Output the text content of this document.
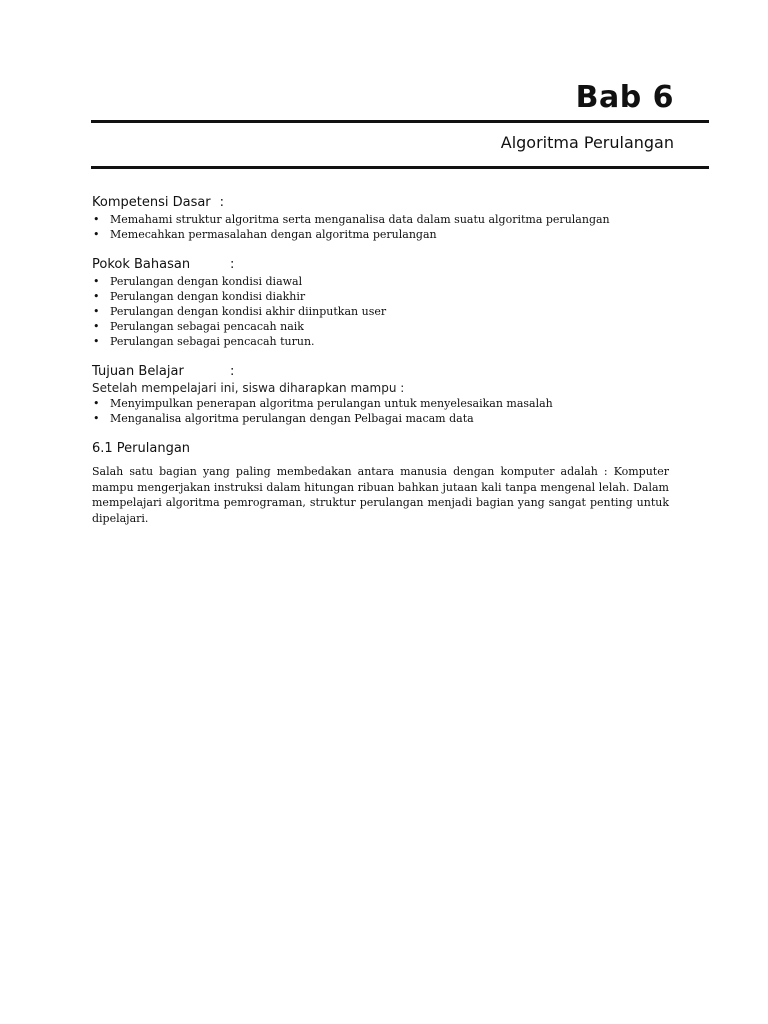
Bab 6
Algoritma Perulangan
Kompetensi Dasar :
• Memahami struktur algoritma serta menganalisa data dalam suatu algoritma perulangan
• Memecahkan permasalahan dengan algoritma perulangan
Pokok Bahasan	:
• Perulangan dengan kondisi diawal
• Perulangan dengan kondisi diakhir
• Perulangan dengan kondisi akhir diinputkan user
• Perulangan sebagai pencacah naik
• Perulangan sebagai pencacah turun.
Tujuan Belajar	:
Setelah mempelajari ini, siswa diharapkan mampu :
• Menyimpulkan penerapan algoritma perulangan untuk menyelesaikan masalah
• Menganalisa algoritma perulangan dengan Pelbagai macam data
6.1 Perulangan
Salah satu bagian yang paling membedakan antara manusia dengan komputer adalah : Komputer mampu mengerjakan instruksi dalam hitungan ribuan bahkan jutaan kali tanpa mengenal lelah. Dalam mempelajari algoritma pemrograman, struktur perulangan menjadi bagian yang sangat penting untuk dipelajari.
